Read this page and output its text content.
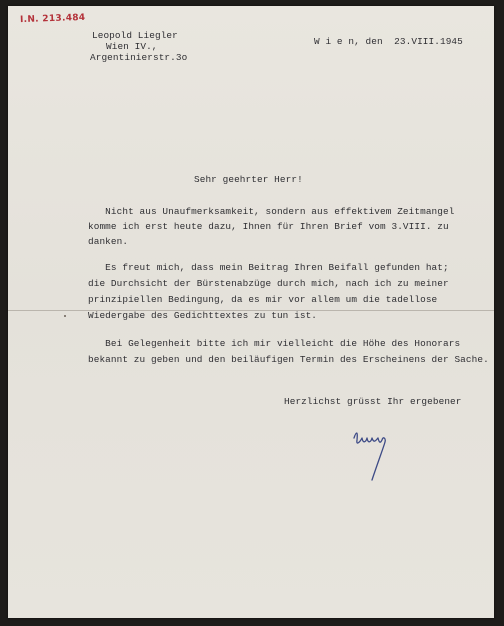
I.N. 213.484
Leopold Liegler
Wien IV.,
Argentinierstr.3o
W i e n, den  23.VIII.1945
Sehr geehrter Herr!
Nicht aus Unaufmerksamkeit, sondern aus effektivem Zeitmangel
komme ich erst heute dazu, Ihnen für Ihren Brief vom 3.VIII. zu
danken.
Es freut mich, dass mein Beitrag Ihren Beifall gefunden hat;
die Durchsicht der Bürstenabzüge durch mich, nach ich zu meiner
prinzipiellen Bedingung, da es mir vor allem um die tadellose
Wiedergabe des Gedichttextes zu tun ist.
Bei Gelegenheit bitte ich mir vielleicht die Höhe des Honorars
bekannt zu geben und den beiläufigen Termin des Erscheinens der Sache.
Herzlichst grüsst Ihr ergebener
